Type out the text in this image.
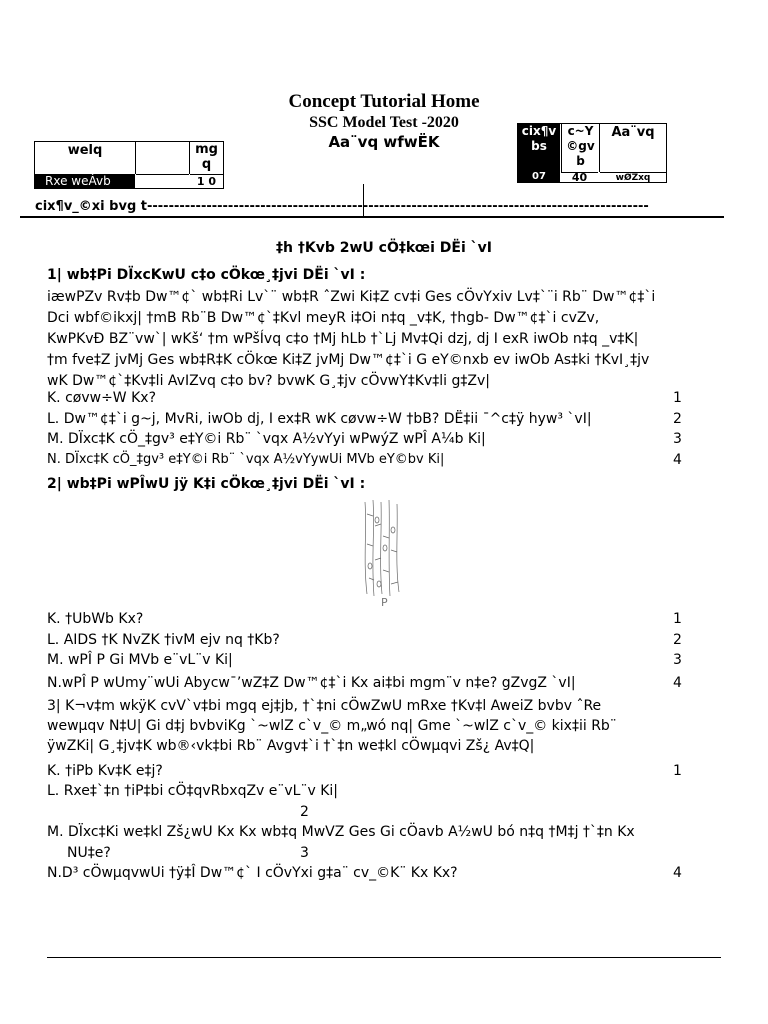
Concept Tutorial Home
SSC Model Test -2020
Aa¨vq wfwËK
welq	mg q
Rxe weÁvb	1 0
cix¶v bs
c~Y ©gv b
Aa¨vq
07	40	wØZxq
cix¶v_©xi bvg t---------------------------------------------------------------------------------------------
‡h †Kvb 2wU cÖ‡kœi DËi `vI
1| wb‡Pi DÏxcKwU c‡o cÖkœ¸‡jvi DËi `vI :
iæwPZv Rv‡b Dw™¢` wb‡Ri Lv`¨ wb‡R ˆZwi Ki‡Z cv‡i Ges cÖvYxiv Lv‡`¨i Rb¨ Dw™¢‡`i
Dci wbf©ikxj| †mB Rb¨B Dw™¢`‡Kvl meyR i‡Oi n‡q _v‡K, †hgb- Dw™¢‡`i cvZv,
KwPKvÐ BZ¨vw`| wKš‘ †m wPšÍvq c‡o †Mj hLb †`Lj Mv‡Qi dzj, dj I exR iwOb n‡q _v‡K|
†m fve‡Z jvMj Ges wb‡R‡K cÖkœ Ki‡Z jvMj Dw™¢‡`i G eY©nxb ev iwOb As‡ki †KvI¸‡jv
wK Dw™¢`‡Kv‡li AvIZvq c‡o bv? bvwK G¸‡jv cÖvwY‡Kv‡li g‡Zv|
K. cøvw÷W Kx?	1
L. Dw™¢‡`i g~j, MvRi, iwOb dj, I ex‡R wK cøvw÷W †bB? DË‡ii ¯^c‡ÿ hyw³ `vI|	2
M. DÏxc‡K cÖ_‡gv³ e‡Y©i Rb¨ `vqx A½vYyi wPwýZ wPÎ A¼b Ki|	3
N. DÏxc‡K cÖ_‡gv³ e‡Y©i Rb¨ `vqx A½vYywUi MVb eY©bv Ki|	4
2| wb‡Pi wPÎwU jÿ K‡i cÖkœ¸‡jvi DËi `vI :
P
K. †UbWb Kx?	1
L. AIDS †K NvZK †ivM ejv nq †Kb?	2
M. wPÎ P Gi MVb e¨vL¨v Ki|	3
N.wPÎ P wUmy¨wUi Abycw¯’wZ‡Z Dw™¢‡`i Kx ai‡bi mgm¨v n‡e? gZvgZ `vI|	4
3| K¬v‡m wkÿK cvV`v‡bi mgq ej‡jb, †`‡ni cÖwZwU mRxe †Kv‡l AweiZ bvbv ˆRe
wewµqv N‡U| Gi d‡j bvbviKg `~wlZ c`v_© m„wó nq| Gme `~wlZ c`v_© kix‡ii Rb¨
ÿwZKi| G¸‡jv‡K wb®‹vk‡bi Rb¨ Avgv‡`i †`‡n we‡kl cÖwµqvi Zš¿ Av‡Q|
K. †iPb Kv‡K e‡j?	1
L. Rxe‡`‡n †iP‡bi cÖ‡qvRbxqZv e¨vL¨v Ki|
2
M. DÏxc‡Ki we‡kl Zš¿wU Kx Kx wb‡q MwVZ Ges Gi cÖavb A½wU bó n‡q †M‡j †`‡n Kx
NU‡e?	3
N.D³ cÖwµqvwUi †ÿ‡Î Dw™¢` I cÖvYxi g‡a¨ cv_©K¨ Kx Kx?	4
